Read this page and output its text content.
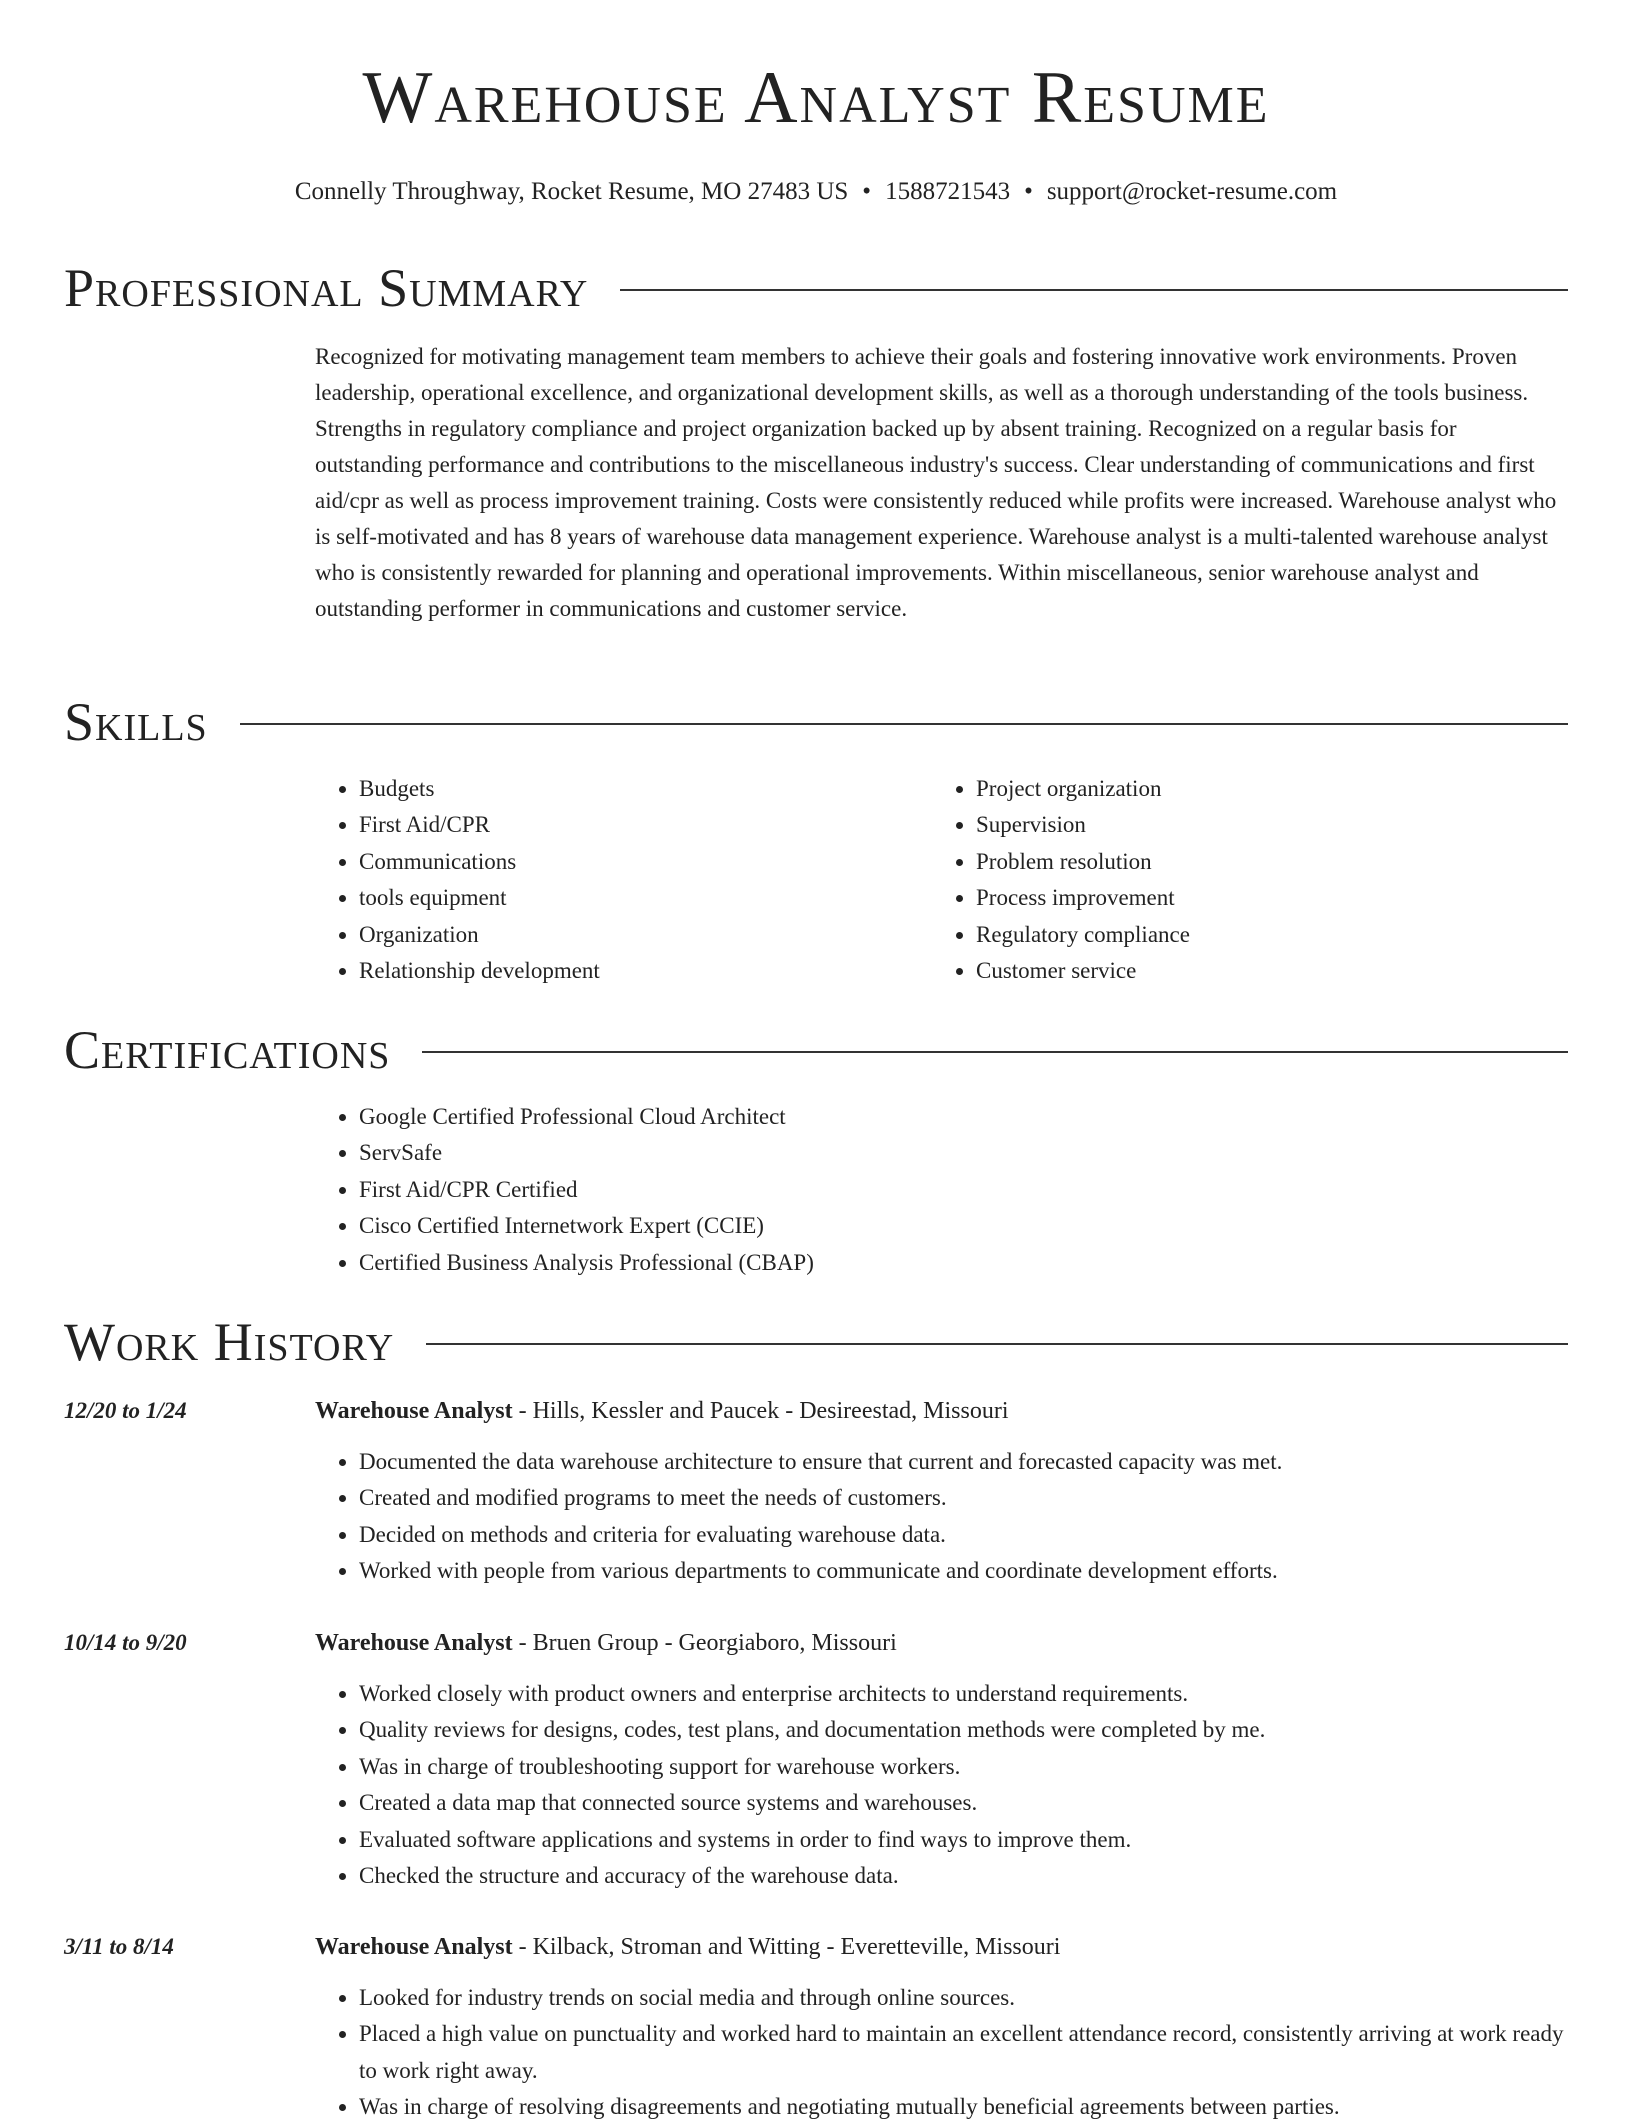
Warehouse Analyst Resume
Connelly Throughway, Rocket Resume, MO 27483 US • 1588721543 • support@rocket-resume.com
Professional Summary

Recognized for motivating management team members to achieve their goals and fostering innovative work environments. Proven leadership, operational excellence, and organizational development skills, as well as a thorough understanding of the tools business. Strengths in regulatory compliance and project organization backed up by absent training. Recognized on a regular basis for outstanding performance and contributions to the miscellaneous industry's success. Clear understanding of communications and first aid/cpr as well as process improvement training. Costs were consistently reduced while profits were increased. Warehouse analyst who is self-motivated and has 8 years of warehouse data management experience. Warehouse analyst is a multi-talented warehouse analyst who is consistently rewarded for planning and operational improvements. Within miscellaneous, senior warehouse analyst and outstanding performer in communications and customer service.

Skills
• Budgets
• First Aid/CPR
• Communications
• tools equipment
• Organization
• Relationship development
• Project organization
• Supervision
• Problem resolution
• Process improvement
• Regulatory compliance
• Customer service
Certifications
• Google Certified Professional Cloud Architect
• ServSafe
• First Aid/CPR Certified
• Cisco Certified Internetwork Expert (CCIE)
• Certified Business Analysis Professional (CBAP)
Work History
12/20 to 1/24	Warehouse Analyst - Hills, Kessler and Paucek - Desireestad, Missouri
• Documented the data warehouse architecture to ensure that current and forecasted capacity was met.
• Created and modified programs to meet the needs of customers.
• Decided on methods and criteria for evaluating warehouse data.
• Worked with people from various departments to communicate and coordinate development efforts.
10/14 to 9/20	Warehouse Analyst - Bruen Group - Georgiaboro, Missouri
• Worked closely with product owners and enterprise architects to understand requirements.
• Quality reviews for designs, codes, test plans, and documentation methods were completed by me.
• Was in charge of troubleshooting support for warehouse workers.
• Created a data map that connected source systems and warehouses.
• Evaluated software applications and systems in order to find ways to improve them.
• Checked the structure and accuracy of the warehouse data.
3/11 to 8/14	Warehouse Analyst - Kilback, Stroman and Witting - Everetteville, Missouri
• Looked for industry trends on social media and through online sources.
• Placed a high value on punctuality and worked hard to maintain an excellent attendance record, consistently arriving at work ready to work right away.
• Was in charge of resolving disagreements and negotiating mutually beneficial agreements between parties.
